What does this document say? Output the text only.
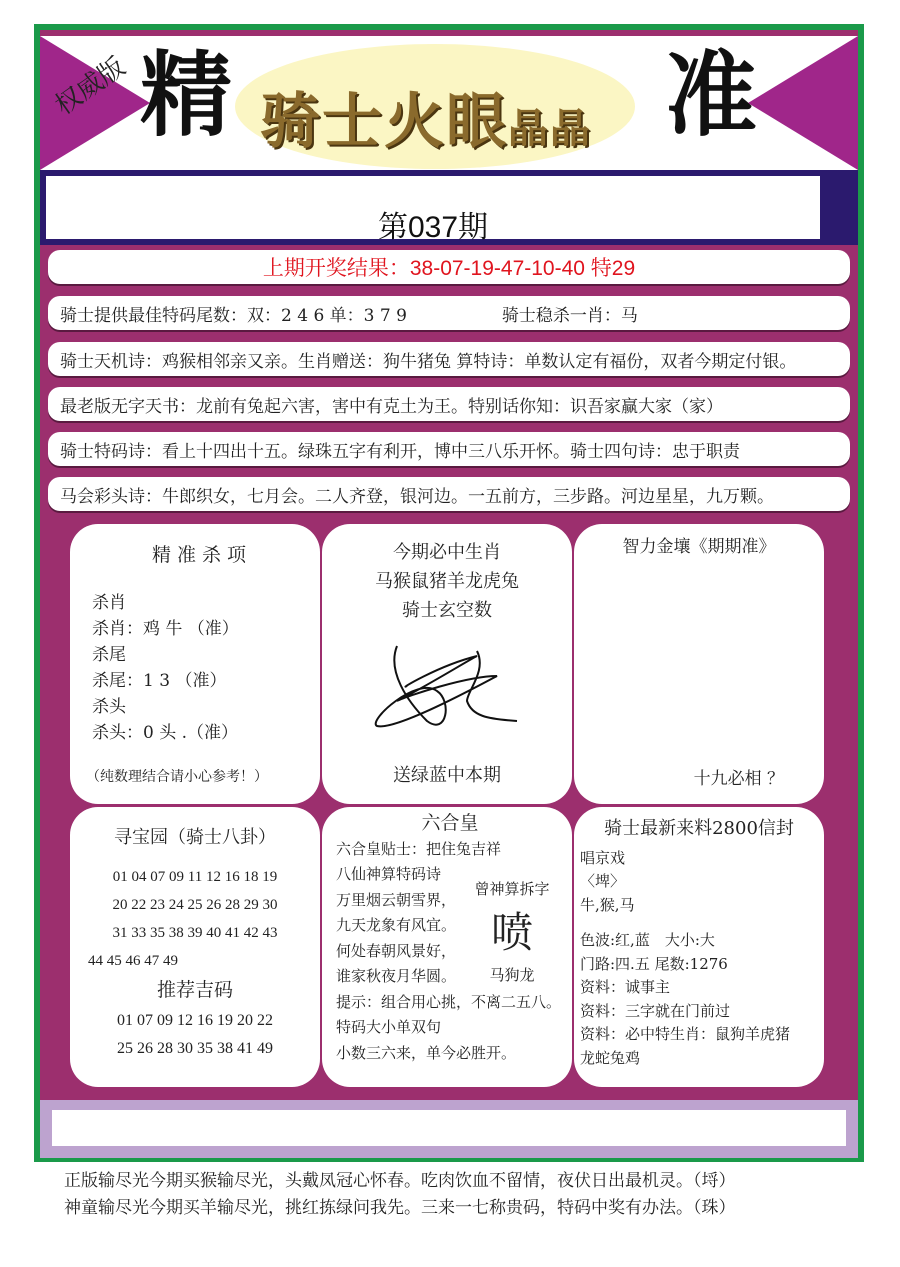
权威版 精 骑士火眼晶晶 准
第037期
上期开奖结果：38-07-19-47-10-40 特29
骑士提供最佳特码尾数：双：2 4 6 单：3 7 9	骑士稳杀一肖：马
骑士天机诗：鸡猴相邻亲又亲。生肖赠送：狗牛猪兔 算特诗：单数认定有福份，双者今期定付银。
最老版无字天书：龙前有兔起六害，害中有克土为王。特别话你知：识吾家赢大家（家）
骑士特码诗：看上十四出十五。绿珠五字有利开，博中三八乐开怀。骑士四句诗：忠于职责
马会彩头诗：牛郎织女，七月会。二人齐登，银河边。一五前方，三步路。河边星星，九万颗。
精 准 杀 项
杀肖
杀肖：鸡 牛 （准）
杀尾
杀尾：1 3 （准）
杀头
杀头：0 头 .（准）
（纯数理结合请小心参考！）
今期必中生肖
马猴鼠猪羊龙虎兔
骑士玄空数
送绿蓝中本期
智力金壤《期期准》
十九必相 ？
寻宝园（骑士八卦）
01 04 07 09 11 12 16 18 19
20 22 23 24 25 26 28 29 30
31 33 35 38 39 40 41 42 43
44 45 46 47 49
推荐吉码
01 07 09 12 16 19 20 22
25 26 28 30 35 38 41 49
六合皇
六合皇贴士：把住兔吉祥
八仙神算特码诗
万里烟云朝雪界，
九天龙象有风宜。
何处春朝风景好，
谁家秋夜月华圆。
提示：组合用心挑，不离二五八。
特码大小单双句
小数三六来，单今必胜开。
曾神算拆字
喷
马狗龙
骑士最新来料2800信封
唱京戏
〈埤〉
牛,猴,马
色波:红,蓝　大小:大
门路:四.五 尾数:1276
资料：诚事主
资料：三字就在门前过
资料：必中特生肖：鼠狗羊虎猪
龙蛇兔鸡
正版输尽光今期买猴输尽光，头戴凤冠心怀春。吃肉饮血不留情，夜伏日出最机灵。（埒）
神童输尽光今期买羊输尽光，挑红拣绿问我先。三来一七称贵码，特码中奖有办法。（珠）
